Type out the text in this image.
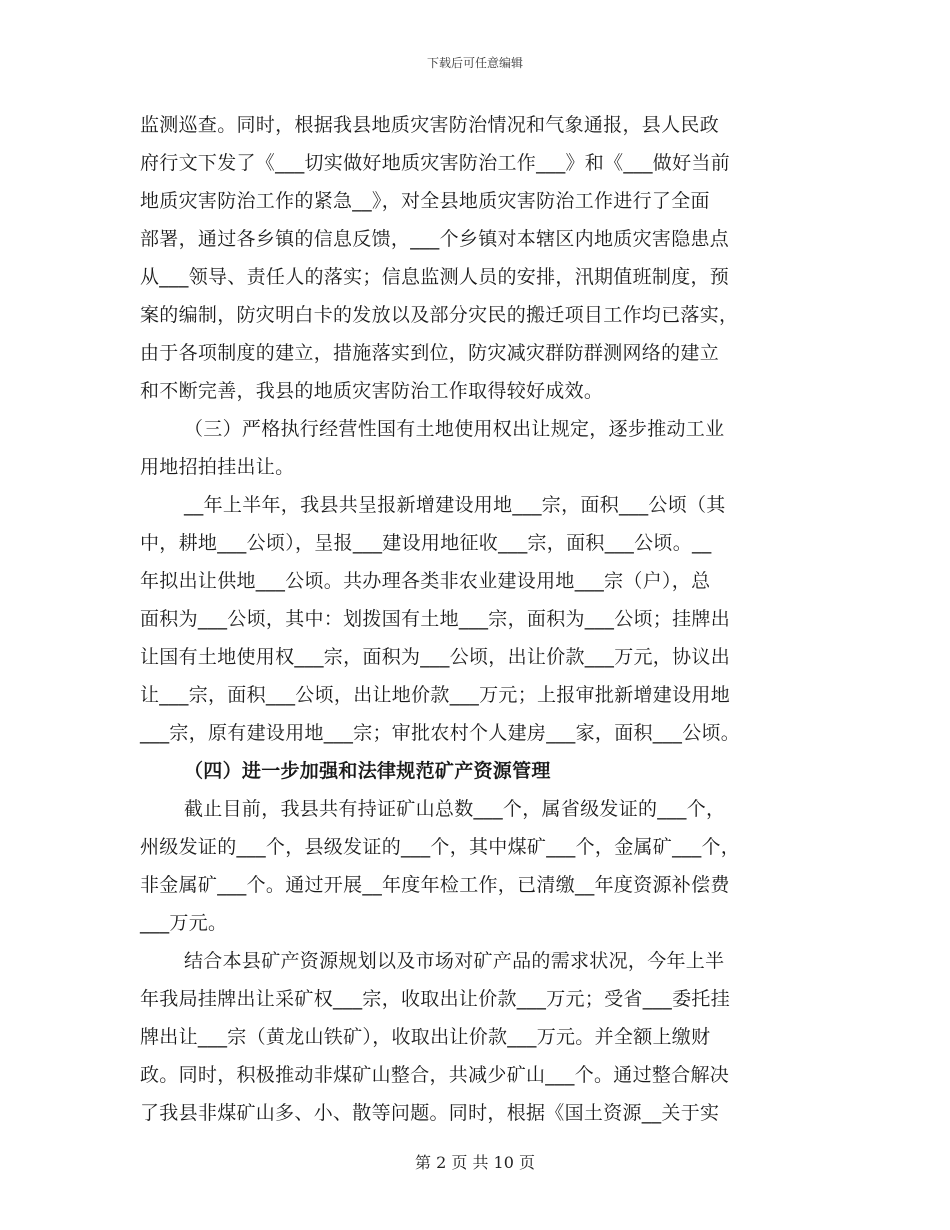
下载后可任意编辑
监测巡查。同时，根据我县地质灾害防治情况和气象通报，县人民政
府行文下发了《___切实做好地质灾害防治工作___》和《___做好当前
地质灾害防治工作的紧急__》，对全县地质灾害防治工作进行了全面
部署，通过各乡镇的信息反馈，___个乡镇对本辖区内地质灾害隐患点
从___领导、责任人的落实；信息监测人员的安排，汛期值班制度，预
案的编制，防灾明白卡的发放以及部分灾民的搬迁项目工作均已落实，
由于各项制度的建立，措施落实到位，防灾减灾群防群测网络的建立
和不断完善，我县的地质灾害防治工作取得较好成效。
（三）严格执行经营性国有土地使用权出让规定，逐步推动工业
用地招拍挂出让。
__年上半年，我县共呈报新增建设用地___宗，面积___公顷（其
中，耕地___公顷），呈报___建设用地征收___宗，面积___公顷。__
年拟出让供地___公顷。共办理各类非农业建设用地___宗（户），总
面积为___公顷，其中：划拨国有土地___宗，面积为___公顷；挂牌出
让国有土地使用权___宗，面积为___公顷，出让价款___万元，协议出
让___宗，面积___公顷，出让地价款___万元；上报审批新增建设用地
___宗，原有建设用地___宗；审批农村个人建房___家，面积___公顷。
（四）进一步加强和法律规范矿产资源管理
截止目前，我县共有持证矿山总数___个，属省级发证的___个，
州级发证的___个，县级发证的___个，其中煤矿___个，金属矿___个，
非金属矿___个。通过开展__年度年检工作，已清缴__年度资源补偿费
___万元。
结合本县矿产资源规划以及市场对矿产品的需求状况，今年上半
年我局挂牌出让采矿权___宗，收取出让价款___万元；受省___委托挂
牌出让___宗（黄龙山铁矿），收取出让价款___万元。并全额上缴财
政。同时，积极推动非煤矿山整合，共减少矿山___个。通过整合解决
了我县非煤矿山多、小、散等问题。同时，根据《国土资源__关于实
第 2 页 共 10 页
